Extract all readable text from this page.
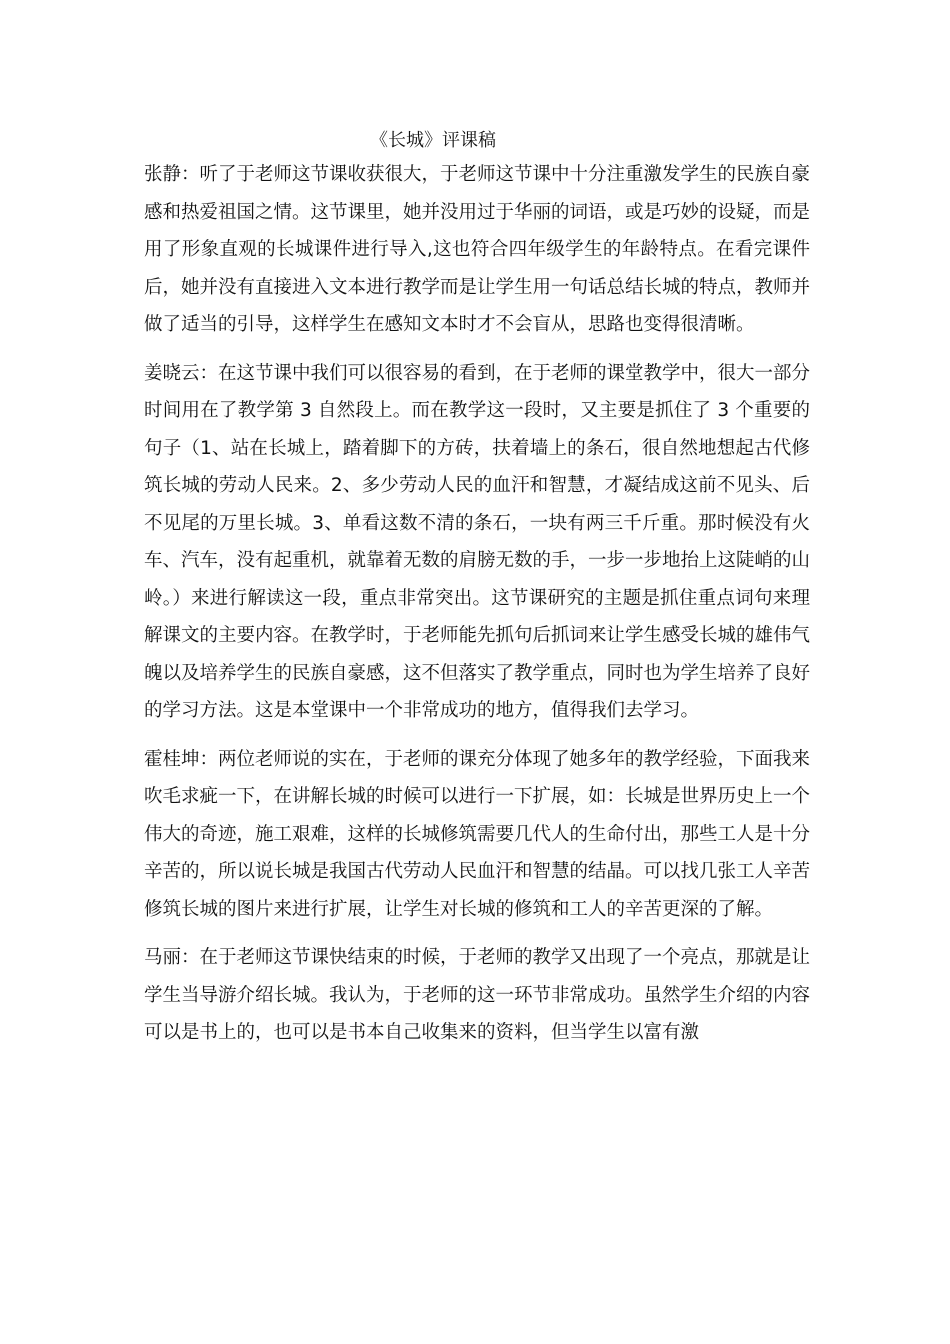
《长城》评课稿

张静：听了于老师这节课收获很大，于老师这节课中十分注重激发学生的民族自豪感和热爱祖国之情。这节课里，她并没用过于华丽的词语，或是巧妙的设疑，而是用了形象直观的长城课件进行导入,这也符合四年级学生的年龄特点。在看完课件后，她并没有直接进入文本进行教学而是让学生用一句话总结长城的特点，教师并做了适当的引导，这样学生在感知文本时才不会盲从，思路也变得很清晰。

姜晓云：在这节课中我们可以很容易的看到，在于老师的课堂教学中，很大一部分时间用在了教学第 3 自然段上。而在教学这一段时，又主要是抓住了 3 个重要的句子（1、站在长城上，踏着脚下的方砖，扶着墙上的条石，很自然地想起古代修筑长城的劳动人民来。2、多少劳动人民的血汗和智慧，才凝结成这前不见头、后不见尾的万里长城。3、单看这数不清的条石，一块有两三千斤重。那时候没有火车、汽车，没有起重机，就靠着无数的肩膀无数的手，一步一步地抬上这陡峭的山岭。）来进行解读这一段，重点非常突出。这节课研究的主题是抓住重点词句来理解课文的主要内容。在教学时，于老师能先抓句后抓词来让学生感受长城的雄伟气魄以及培养学生的民族自豪感，这不但落实了教学重点，同时也为学生培养了良好的学习方法。这是本堂课中一个非常成功的地方，值得我们去学习。

霍桂坤：两位老师说的实在，于老师的课充分体现了她多年的教学经验，下面我来吹毛求疵一下，在讲解长城的时候可以进行一下扩展，如：长城是世界历史上一个伟大的奇迹，施工艰难，这样的长城修筑需要几代人的生命付出，那些工人是十分辛苦的，所以说长城是我国古代劳动人民血汗和智慧的结晶。可以找几张工人辛苦修筑长城的图片来进行扩展，让学生对长城的修筑和工人的辛苦更深的了解。

马丽：在于老师这节课快结束的时候，于老师的教学又出现了一个亮点，那就是让学生当导游介绍长城。我认为，于老师的这一环节非常成功。虽然学生介绍的内容可以是书上的，也可以是书本自己收集来的资料，但当学生以富有激
